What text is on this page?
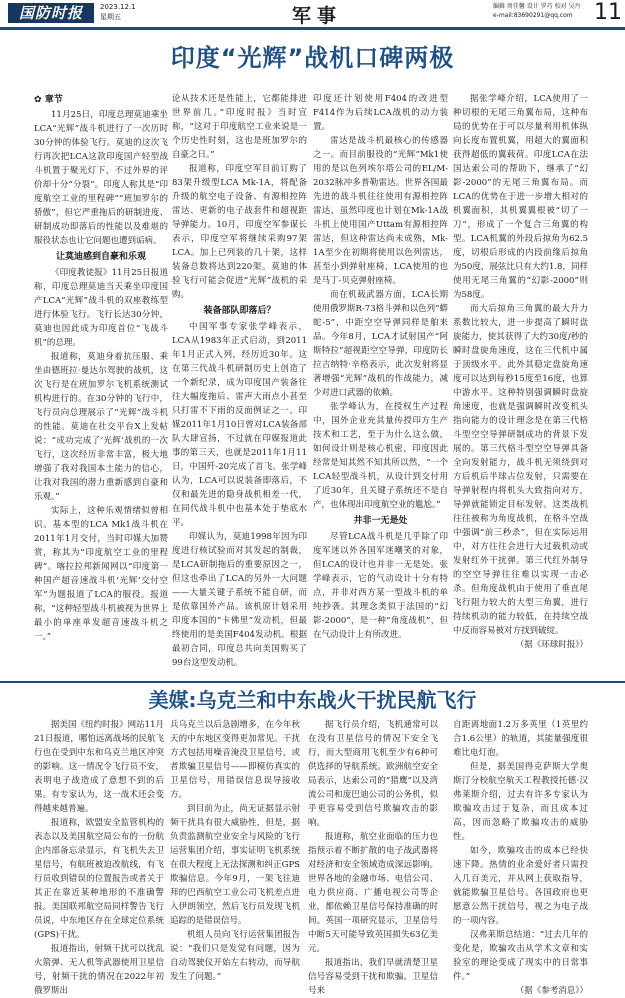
国防时报	2023.12.1
星期五	军事	编辑 周佳馨 设计 罗巧 校对 吴丹
e-mail:83690291@qq.com 11
印度“光辉”战机口碑两极

✿ 章节

11月25日，印度总理莫迪乘坐LCA“光辉”战斗机进行了一次历时30分钟的体验飞行。莫迪的这次飞行再次把LCA这款印度国产轻型战斗机置于聚光灯下，不过外界的评价却十分“分裂”。印度人称其是“印度航空工业的里程碑”“班加罗尔的骄傲”，但它严重拖后的研制进度、研制成功即落后的性能以及难堪的服役状态也让它问题也遭到诟病。

让莫迪感到自豪和乐观

《印度教徒报》11月25日报道称，印度总理莫迪当天乘坐印度国产LCA“光辉”战斗机的双座教练型进行体验飞行。飞行长达30分钟，莫迪也因此成为印度首位“飞战斗机”的总理。

报道称，莫迪身着抗压服、乘坐由德班拉·曼达尔驾驶的战机，这次飞行是在班加罗尔飞机系统测试机构进行的。在30分钟的飞行中，飞行员向总理展示了“光辉”战斗机的性能。莫迪在社交平台X上发帖说：“成功完成了‘光辉’战机的一次飞行，这次经历非常丰富，极大地增强了我对我国本土能力的信心，让我对我国的潜力重新感到自豪和乐观。”

实际上，这种乐观情绪似曾相识。基本型的LCA Mk1战斗机在2011年1月交付，当时印媒大加赞赏，称其为“印度航空工业的里程碑”。喀拉拉邦新闻网以“印度第一种国产超音速战斗机‘光辉’交付空军”为题报道了LCA的服役。报道称，“这种轻型战斗机被视为世界上最小的单座单发超音速战斗机之一。”

论从技术还是性能上，它都能排进世界前几。”印度时报》当时宣称，“这对于印度航空工业来说是一个历史性时刻，这也是班加罗尔的自豪之日。”

报道称，印度空军目前订购了83架升级型LCA Mk-1A，将配备升级的航空电子设备、有源相控阵雷达、更新的电子战套件和超视距导弹能力。10月，印度空军参谋长表示，印度空军将继续采购97架LCA。加上已列装的几十架，这样装备总数将达到220架。莫迪的体验飞行可能会促进“光辉”战机的采购。

装备部队即落后？

中国军事专家张学峰表示，LCA从1983年正式启动，到2011年1月正式入列，经历近30年。这在第三代战斗机研制历史上创造了一个新纪录，成为印度国产装备往往大幅度拖后、雷声大雨点小甚至只打雷不下雨的反面例证之一。印媒2011年1月10日曾对LCA装备部队大肆宣扬，不过就在印媒报道此事的第三天，也就是2011年1月11日，中国歼-20完成了首飞。张学峰认为，LCA可以说装备即落后，不仅和最先进的隐身战机相差一代，在同代战斗机中也基本处于垫底水平。

印媒认为，莫迪1998年因为印度进行核试验而对其发起的制裁，是LCA研制拖后的重要原因之一，但这也牵出了LCA的另外一大问题——大量关键子系统不能自研，而是依靠国外产品。该机原计划采用印度本国的“卡佛里”发动机，但最终使用的是美国F404发动机。根据最初合同，印度总共向美国购买了99台这型发动机。

印度还计划使用F404的改进型F414作为后续LCA战机的动力装置。

雷达是战斗机最核心的传感器之一。而目前服役的“光辉”Mk1使用的是以色列埃尔塔公司的EL/M-2032脉冲多普勒雷达。世界各国最先进的战斗机往往使用有源相控阵雷达，虽然印度也计划在Mk-1A战斗机上使用国产Uttam有源相控阵雷达，但这种雷达尚未成熟，Mk-1A至少在初期将使用以色列雷达，甚至小到弹射座椅，LCA使用的也是马丁-贝克弹射座椅。

而在机载武器方面，LCA长期使用俄罗斯R-73格斗弹和以色列“蟒蛇-5”，中距空空导弹同样是舶来品。今年8月，LCA才试射国产“阿斯特拉”超视距空空导弹，印度防长拉吉纳特·辛格表示，此次发射将显著增强“光辉”战机的作战能力，减少对进口武器的依赖。

张学峰认为，在授权生产过程中，国外企业充其量传授印方生产技术和工艺，至于为什么这么做，如何设计则是核心机密，印度因此经常是知其然不知其所以然，“一个LCA轻型战斗机，从设计到交付用了近30年，且关键子系统还不是自产，也体现出印度航空业的尴尬。”

井非一无是处

尽管LCA战斗机是几乎除了印度军迷以外各国军迷嘲笑的对象，但LCA的设计也并非一无是处。张学峰表示，它的气动设计十分有特点，并非对西方某一型战斗机的单纯抄袭。其理念类似于法国的“幻影-2000”，是一种“角度战机”，但在气动设计上有所改进。

据张学峰介绍，LCA使用了一种切根的无尾三角翼布局，这种布局的优势在于可以尽量利用机体纵向长度布置机翼，用超大的翼面积获得超低的翼载荷。印度LCA在法国达索公司的帮助下，继承了“幻影-2000”的无尾三角翼布局。而LCA的优势在于进一步增大相对的机翼面积，其机翼翼根被“切了一刀”，形成了一个复合三角翼的构型。LCA机翼的外段后掠角为62.5度，切根后形成的内段前缘后掠角为50度，展弦比只有大约1.8，同样使用无尾三角翼的“幻影-2000”则为58度。

而大后掠角三角翼的最大升力系数比较大，进一步提高了瞬时盘旋能力，使其获得了大约30度/秒的瞬时盘旋角速度，这在三代机中属于顶级水平。此外其稳定盘旋角速度可以达到每秒15度至16度，也算中游水平。这种特别强调瞬时盘旋角速度，也就是强调瞬时改变机头指向能力的设计理念是在第三代格斗型空空导弹研制成功的背景下发展的。第三代格斗型空空导弹具备全向发射能力，战斗机无须绕到对方后机后半球占位发射，只需要在导弹射程内将机头大致指向对方，导弹就能锁定目标发射。这类战机往往被称为角度战机，在格斗空战中强调“前三秒杀”，但在实际运用中，对方往往会进行大过载机动或发射红外干扰弹。第三代红外制导的空空导弹往往难以实现一击必杀。但角度战机由于使用了垂直尾飞行阻力较大的大型三角翼，进行持续机动的能力较低，在持续空战中反而容易被对方找到破绽。

（据《环球时报》）

美媒:乌克兰和中东战火干扰民航飞行

据美国《纽约时报》网站11月21日报道，哪怕远离战场的民航飞行也在受到中东和乌克兰地区冲突的影响。这一情况令飞行员不安，表明电子战造成了意想不到的后果。有专家认为，这一战术还会变得越来越普遍。

报道称，欧盟安全监管机构的表态以及美国航空局公布的一份航企内部备忘录显示，有飞机失去卫星信号，有航班被迫改航线，有飞行员收到错误的位置报告或者关于其正在靠近某种地形的不准确警报。美国联邦航空局同样警告飞行员说，中东地区存在全球定位系统(GPS)干扰。

报道指出，射频干扰可以扰乱火箭弹、无人机等武器使用卫星信号，射频干扰的情况在2022年初俄罗斯出

兵乌克兰以后急剧增多，在今年秋天的中东地区变得更加常见。干扰方式包括用噪音淹没卫星信号，或者欺骗卫星信号——即模仿真实的卫星信号，用错误信息误导接收方。

到目前为止，尚无证据显示射频干扰具有很大威胁性，但是，据负责监测航空业安全与风险的飞行运营集团介绍，事实证明飞机系统在很大程度上无法探测和纠正GPS欺骗信息。今年9月，一架飞往迪拜的巴西航空工业公司飞机差点进入伊朗领空，然后飞行员发现飞机追踪的是错误信号。

机组人员向飞行运营集团报告说：“我们只是发觉有问题，因为自动驾驶仪开始左右转动，而导航发生了问题。”

据飞行员介绍，飞机通常可以在没有卫星信号的情况下安全飞行，而大型商用飞机至少有6种可供选择的导航系统。欧洲航空安全局表示，达索公司的“猎鹰”以及湾流公司和庞巴迪公司的公务机，似乎更容易受到信号欺骗攻击的影响。

报道称，航空业面临的压力也指预示着不断扩散的电子战武器将对经济和安全领域造成深远影响。世界各地的金融市场、电信公司、电力供应商、广播电视公司等企业，都依赖卫星信号保持准确的时间。英国一项研究显示，卫星信号中断5天可能导致英国损失63亿美元。

报道指出，我们早就清楚卫星信号容易受到干扰和欺骗。卫星信号来

自距离地面1.2万多英里（1英里约合1.6公里）的轨道，其能量强度很难比电灯泡。

但是，据美国得克萨斯大学奥斯汀分校航空航天工程教授托德·汉弗莱斯介绍，过去有许多专家认为欺骗攻击过于复杂，而且成本过高，因而忽略了欺骗攻击的威胁性。

如今，欺骗攻击的成本已经快速下降。热情的业余爱好者只需投入几百美元，并从网上获取指导，就能欺骗卫星信号。各国政府也更愿意公然干扰信号，视之为电子战的一项内容。

汉弗莱斯总结道：“过去几年的变化是，欺骗攻击从学术文章和实验室的理论变成了现实中的日常事件。”

（据《参考消息》）
